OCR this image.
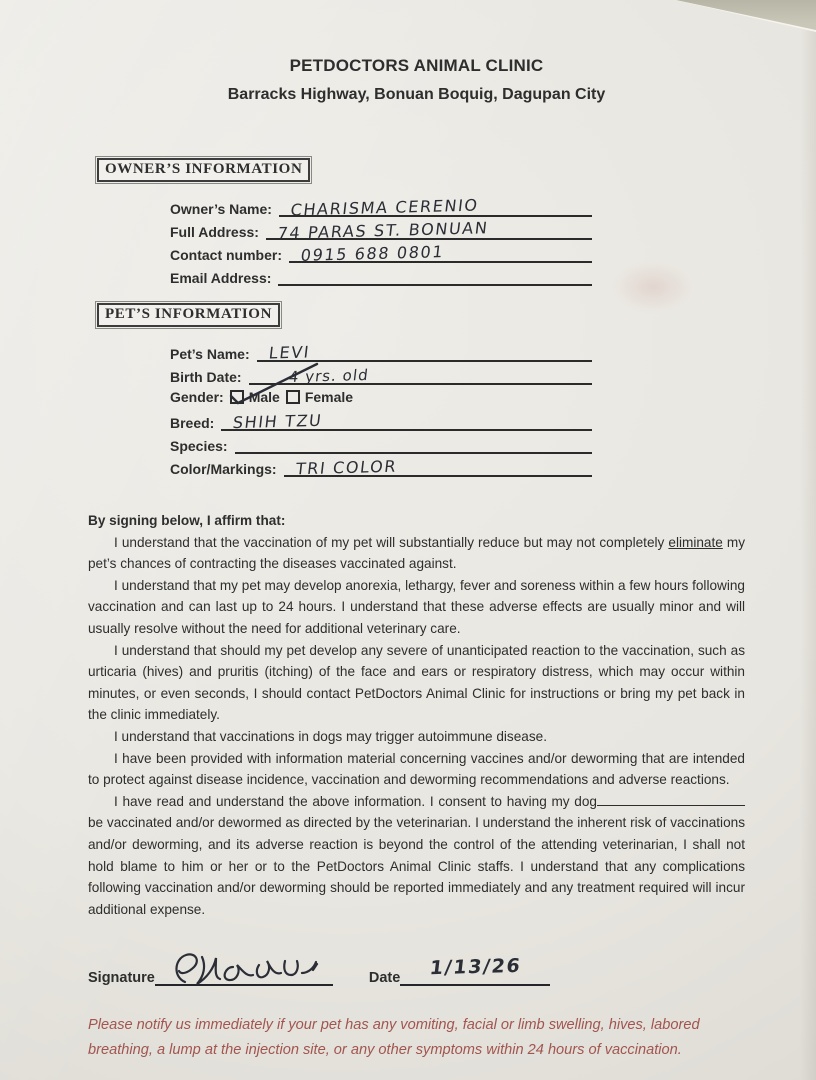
PETDOCTORS ANIMAL CLINIC
Barracks Highway, Bonuan Boquig, Dagupan City
OWNER’S INFORMATION
Owner’s Name:	CHARISMA CERENIO
Full Address:	74 PARAS ST. BONUAN
Contact number:	0915 688 0801
Email Address:
PET’S INFORMATION
Pet’s Name:	LEVI
Birth Date:	4 yrs. old
Gender: Male Female
Breed:	SHIH TZU
Species:
Color/Markings:	TRI COLOR
By signing below, I affirm that:

I understand that the vaccination of my pet will substantially reduce but may not completely eliminate my pet’s chances of contracting the diseases vaccinated against.

I understand that my pet may develop anorexia, lethargy, fever and soreness within a few hours following vaccination and can last up to 24 hours. I understand that these adverse effects are usually minor and will usually resolve without the need for additional veterinary care.

I understand that should my pet develop any severe of unanticipated reaction to the vaccination, such as urticaria (hives) and pruritis (itching) of the face and ears or respiratory distress, which may occur within minutes, or even seconds, I should contact PetDoctors Animal Clinic for instructions or bring my pet back in the clinic immediately.

I understand that vaccinations in dogs may trigger autoimmune disease.

I have been provided with information material concerning vaccines and/or deworming that are intended to protect against disease incidence, vaccination and deworming recommendations and adverse reactions.

I have read and understand the above information. I consent to having my dogbe vaccinated and/or dewormed as directed by the veterinarian. I understand the inherent risk of vaccinations and/or deworming, and its adverse reaction is beyond the control of the attending veterinarian, I shall not hold blame to him or her or to the PetDoctors Animal Clinic staffs. I understand that any complications following vaccination and/or deworming should be reported immediately and any treatment required will incur additional expense.

Signature	Date	1/13/26
Please notify us immediately if your pet has any vomiting, facial or limb swelling, hives, labored breathing, a lump at the injection site, or any other symptoms within 24 hours of vaccination.
